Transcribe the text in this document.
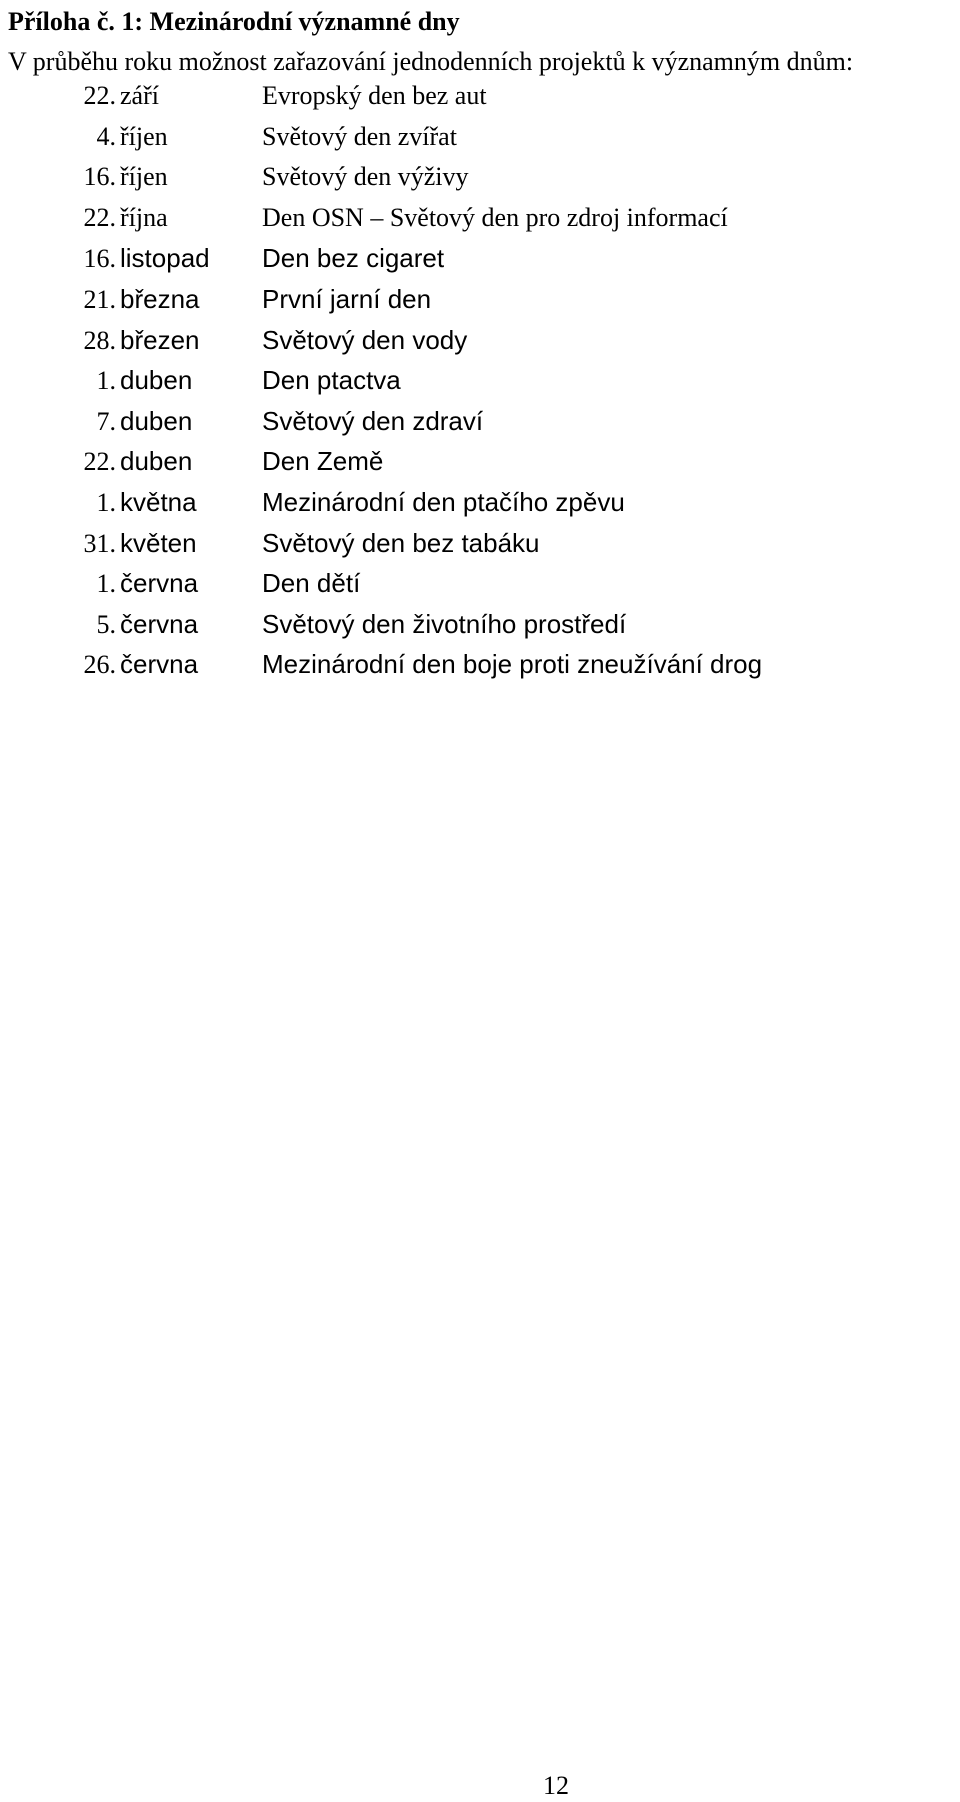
Příloha č. 1: Mezinárodní významné dny
V průběhu roku možnost zařazování jednodenních projektů k významným dnům:
22. září	Evropský den bez aut
4. říjen	Světový den zvířat
16. říjen	Světový den výživy
22. října	Den OSN – Světový den pro zdroj informací
16. listopad	Den bez cigaret
21. března	První jarní den
28. březen	Světový den vody
1. duben	Den ptactva
7. duben	Světový den zdraví
22. duben	Den Země
1. května	Mezinárodní den ptačího zpěvu
31. květen	Světový den bez tabáku
1. června	Den dětí
5. června	Světový den životního prostředí
26. června	Mezinárodní den boje proti zneužívání drog
12
